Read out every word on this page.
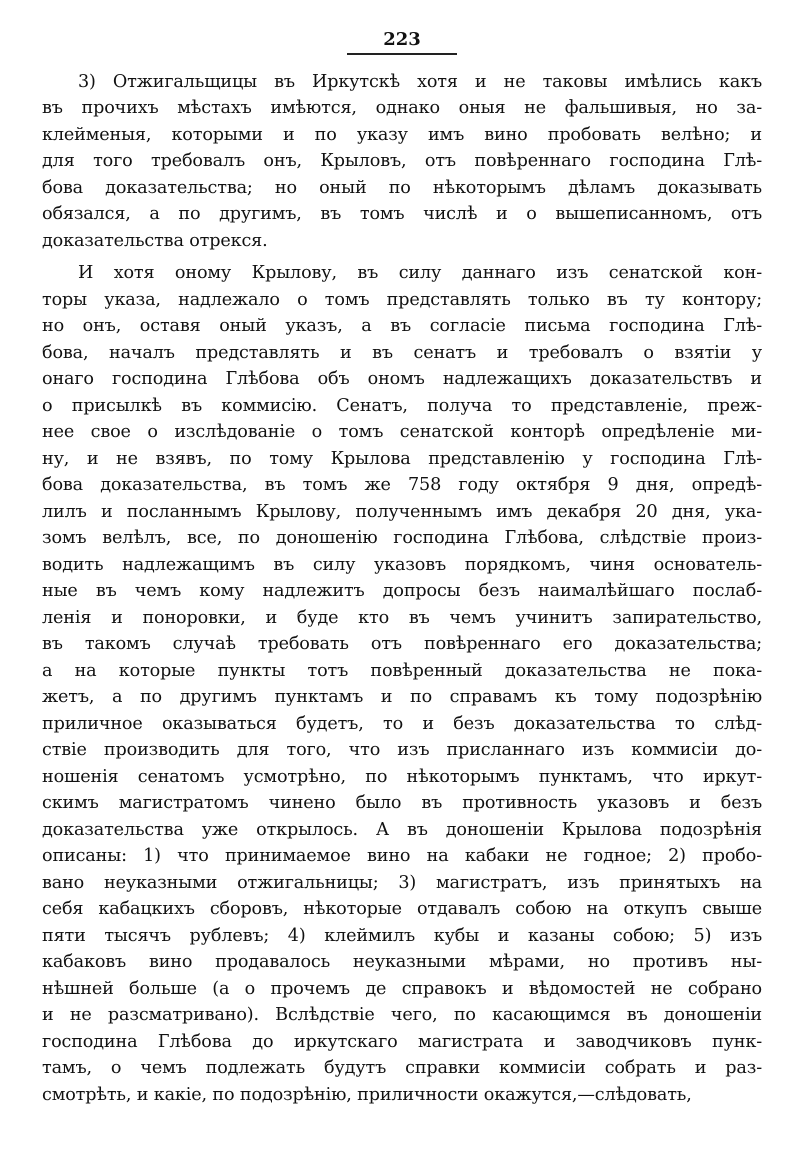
223
3) Отжигальщицы въ Иркутскѣ хотя и не таковы имѣлись какъ
въ прочихъ мѣстахъ имѣются, однако оныя не фальшивыя, но за-
клейменыя, которыми и по указу имъ вино пробовать велѣно; и
для того требовалъ онъ, Крыловъ, отъ повѣреннаго господина Глѣ-
бова доказательства; но оный по нѣкоторымъ дѣламъ доказывать
обязался, а по другимъ, въ томъ числѣ и о вышеписанномъ, отъ
доказательства отрекся.
И хотя оному Крылову, въ силу даннаго изъ сенатской кон-
торы указа, надлежало о томъ представлять только въ ту контору;
но онъ, оставя оный указъ, а въ согласіе письма господина Глѣ-
бова, началъ представлять и въ сенатъ и требовалъ о взятіи у
онаго господина Глѣбова объ ономъ надлежащихъ доказательствъ и
о присылкѣ въ коммисію. Сенатъ, получа то представленіе, преж-
нее свое о изслѣдованіе о томъ сенатской конторѣ опредѣленіе ми-
ну, и не взявъ, по тому Крылова представленію у господина Глѣ-
бова доказательства, въ томъ же 758 году октября 9 дня, опредѣ-
лилъ и посланнымъ Крылову, полученнымъ имъ декабря 20 дня, ука-
зомъ велѣлъ, все, по доношенію господина Глѣбова, слѣдствіе произ-
водить надлежащимъ въ силу указовъ порядкомъ, чиня основатель-
ные въ чемъ кому надлежитъ допросы безъ наималѣйшаго послаб-
ленія и поноровки, и буде кто въ чемъ учинитъ запирательство,
въ такомъ случаѣ требовать отъ повѣреннаго его доказательства;
а на которые пункты тотъ повѣренный доказательства не пока-
жетъ, а по другимъ пунктамъ и по справамъ къ тому подозрѣнію
приличное оказываться будетъ, то и безъ доказательства то слѣд-
ствіе производить для того, что изъ присланнаго изъ коммисіи до-
ношенія сенатомъ усмотрѣно, по нѣкоторымъ пунктамъ, что иркут-
скимъ магистратомъ чинено было въ противность указовъ и безъ
доказательства уже открылось. А въ доношеніи Крылова подозрѣнія
описаны: 1) что принимаемое вино на кабаки не годное; 2) пробо-
вано неуказными отжигальницы; 3) магистратъ, изъ принятыхъ на
себя кабацкихъ сборовъ, нѣкоторые отдавалъ собою на откупъ свыше
пяти тысячъ рублевъ; 4) клеймилъ кубы и казаны собою; 5) изъ
кабаковъ вино продавалось неуказными мѣрами, но противъ ны-
нѣшней больше (а о прочемъ де справокъ и вѣдомостей не собрано
и не разсматривано). Вслѣдствіе чего, по касающимся въ доношеніи
господина Глѣбова до иркутскаго магистрата и заводчиковъ пунк-
тамъ, о чемъ подлежать будутъ справки коммисіи собрать и раз-
смотрѣть, и какіе, по подозрѣнію, приличности окажутся,—слѣдовать,
